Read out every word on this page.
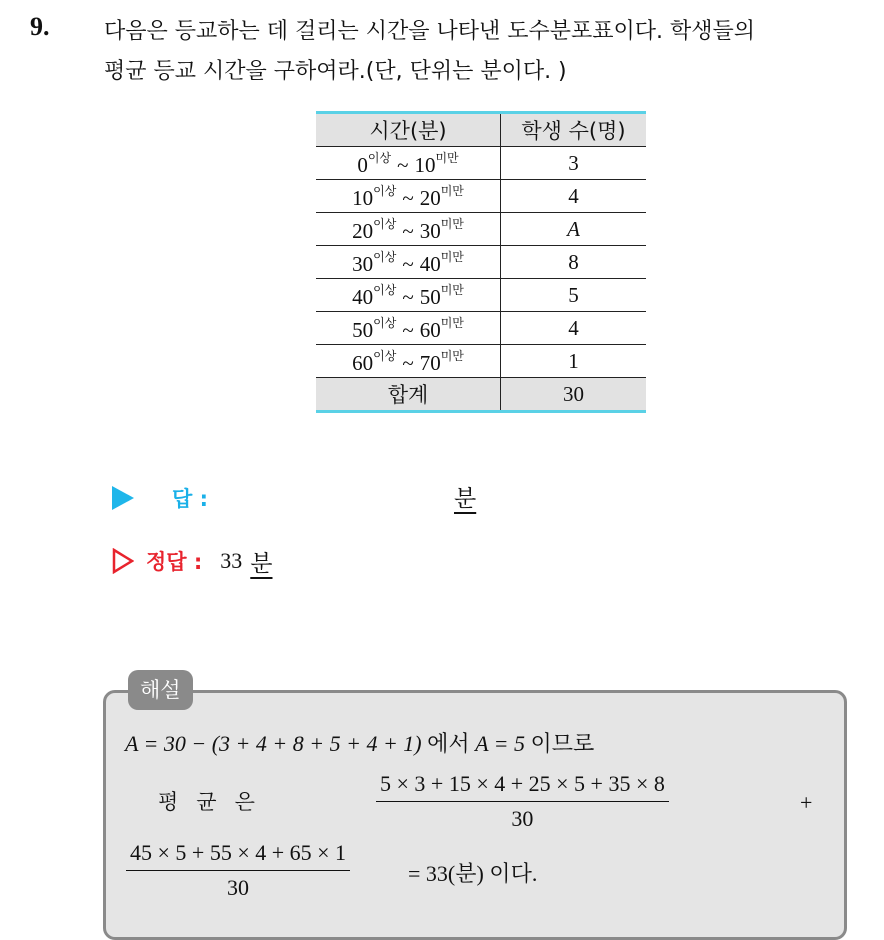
9. 다음은 등교하는 데 걸리는 시간을 나타낸 도수분포표이다. 학생들의
평균 등교 시간을 구하여라.(단, 단위는 분이다. )
시간(분)	학생 수(명)
$0^{이상}$ ~ $10^{미만}$	3
$10^{이상}$ ~ $20^{미만}$	4
$20^{이상}$ ~ $30^{미만}$	A
$30^{이상}$ ~ $40^{미만}$	8
$40^{이상}$ ~ $50^{미만}$	5
$50^{이상}$ ~ $60^{미만}$	4
$60^{이상}$ ~ $70^{미만}$	1
합계	30
답 :	분
정답 : 33 분
해설
A = 30 − (3 + 4 + 8 + 5 + 4 + 1) 에서 A = 5 이므로
평균은	$\frac{5 \times 3 + 15 \times 4 + 25 \times 5 + 35 \times 8}{30}$	+
$\frac{45 \times 5 + 55 \times 4 + 65 \times 1}{30}$	= 33(분) 이다.
